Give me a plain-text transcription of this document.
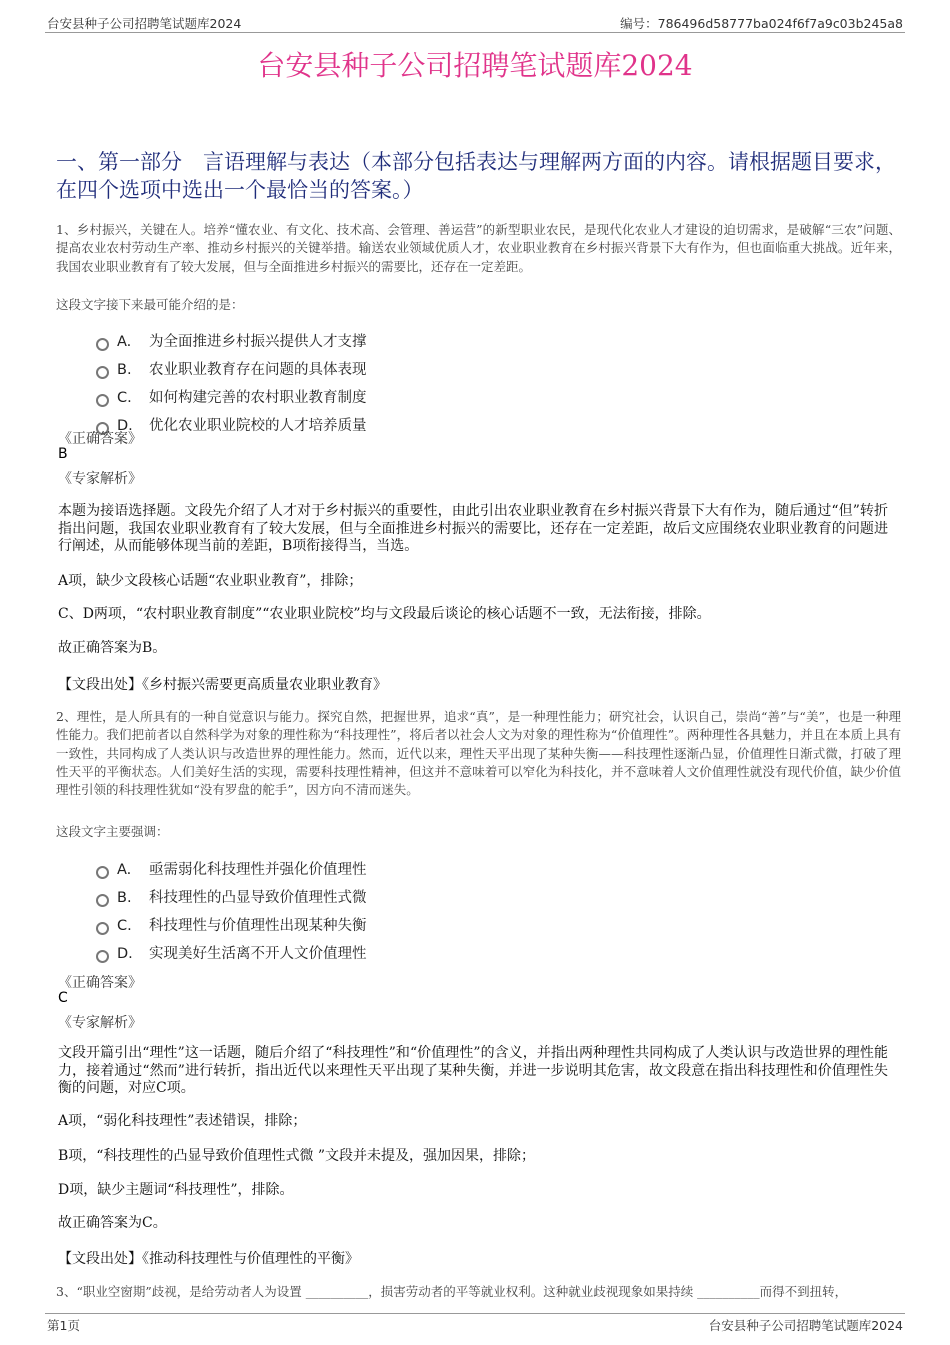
台安县种子公司招聘笔试题库2024	编号：786496d58777ba024f6f7a9c03b245a8
台安县种子公司招聘笔试题库2024
一、第一部分　言语理解与表达（本部分包括表达与理解两方面的内容。请根据题目要求，在四个选项中选出一个最恰当的答案。）
1、乡村振兴，关键在人。培养“懂农业、有文化、技术高、会管理、善运营”的新型职业农民，是现代化农业人才建设的迫切需求，是破解“三农”问题、提高农业农村劳动生产率、推动乡村振兴的关键举措。输送农业领域优质人才，农业职业教育在乡村振兴背景下大有作为，但也面临重大挑战。近年来，我国农业职业教育有了较大发展，但与全面推进乡村振兴的需要比，还存在一定差距。
这段文字接下来最可能介绍的是：
A. 为全面推进乡村振兴提供人才支撑
B. 农业职业教育存在问题的具体表现
C. 如何构建完善的农村职业教育制度
D. 优化农业职业院校的人才培养质量
《正确答案》
B
《专家解析》
本题为接语选择题。文段先介绍了人才对于乡村振兴的重要性，由此引出农业职业教育在乡村振兴背景下大有作为，随后通过“但”转折指出问题，我国农业职业教育有了较大发展，但与全面推进乡村振兴的需要比，还存在一定差距，故后文应围绕农业职业教育的问题进行阐述，从而能够体现当前的差距，B项衔接得当，当选。
A项，缺少文段核心话题“农业职业教育”，排除；
C、D两项，“农村职业教育制度”“农业职业院校”均与文段最后谈论的核心话题不一致，无法衔接，排除。
故正确答案为B。
【文段出处】《乡村振兴需要更高质量农业职业教育》
2、理性，是人所具有的一种自觉意识与能力。探究自然，把握世界，追求“真”，是一种理性能力；研究社会，认识自己，崇尚“善”与“美”，也是一种理性能力。我们把前者以自然科学为对象的理性称为“科技理性”，将后者以社会人文为对象的理性称为“价值理性”。两种理性各具魅力，并且在本质上具有一致性，共同构成了人类认识与改造世界的理性能力。然而，近代以来，理性天平出现了某种失衡——科技理性逐渐凸显，价值理性日渐式微，打破了理性天平的平衡状态。人们美好生活的实现，需要科技理性精神，但这并不意味着可以窄化为科技化，并不意味着人文价值理性就没有现代价值，缺少价值理性引领的科技理性犹如“没有罗盘的舵手”，因方向不清而迷失。
这段文字主要强调：
A. 亟需弱化科技理性并强化价值理性
B. 科技理性的凸显导致价值理性式微
C. 科技理性与价值理性出现某种失衡
D. 实现美好生活离不开人文价值理性
《正确答案》
C
《专家解析》
文段开篇引出“理性”这一话题，随后介绍了“科技理性”和“价值理性”的含义，并指出两种理性共同构成了人类认识与改造世界的理性能力，接着通过“然而”进行转折，指出近代以来理性天平出现了某种失衡，并进一步说明其危害，故文段意在指出科技理性和价值理性失衡的问题，对应C项。
A项，“弱化科技理性”表述错误，排除；
B项，“科技理性的凸显导致价值理性式微 ”文段并未提及，强加因果，排除；
D项，缺少主题词“科技理性”，排除。
故正确答案为C。
【文段出处】《推动科技理性与价值理性的平衡》
3、“职业空窗期”歧视，是给劳动者人为设置 __________，损害劳动者的平等就业权利。这种就业歧视现象如果持续 __________而得不到扭转，
第1页	台安县种子公司招聘笔试题库2024
